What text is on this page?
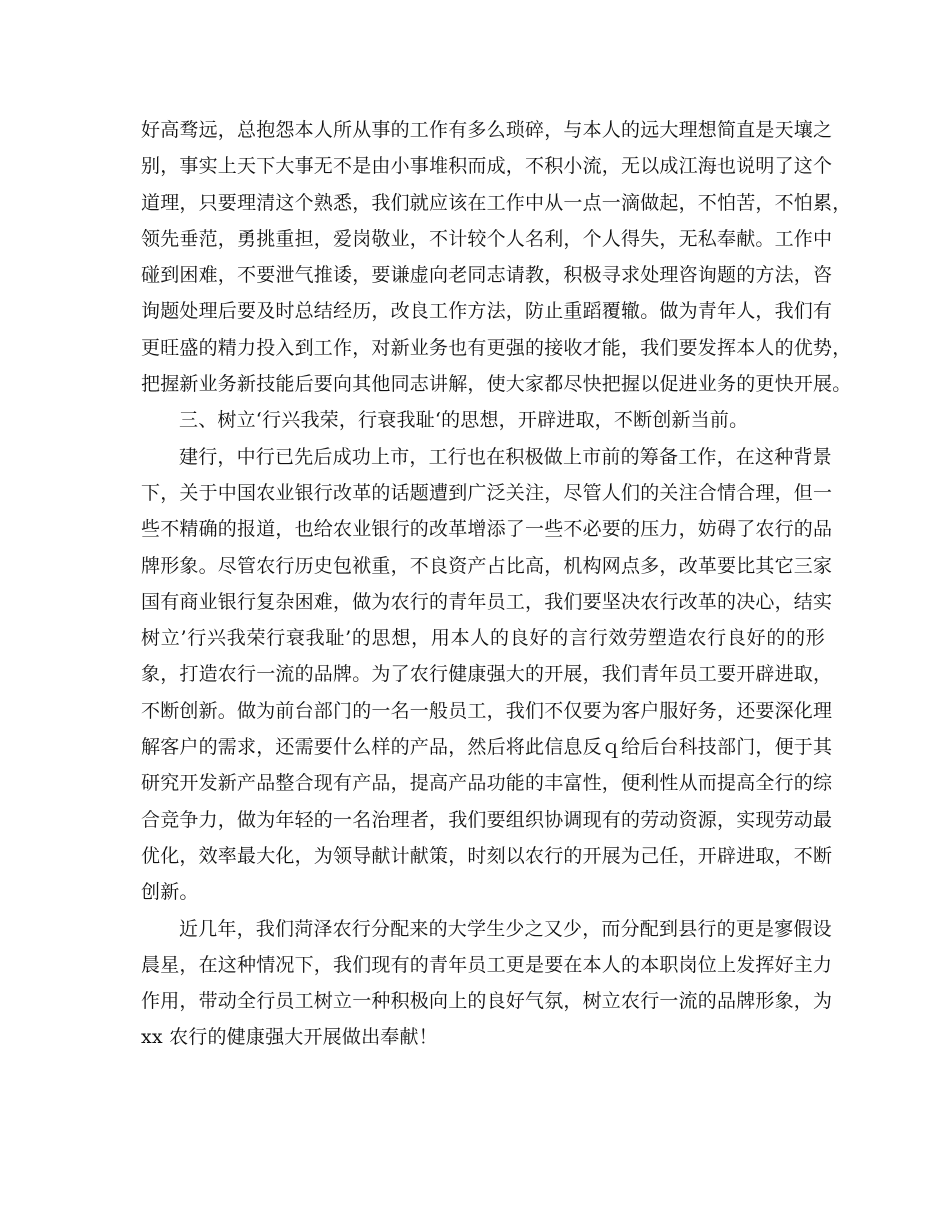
好高骛远，总抱怨本人所从事的工作有多么琐碎，与本人的远大理想简直是天壤之
别，事实上天下大事无不是由小事堆积而成，不积小流，无以成江海也说明了这个
道理，只要理清这个熟悉，我们就应该在工作中从一点一滴做起，不怕苦，不怕累，
领先垂范，勇挑重担，爱岗敬业，不计较个人名利，个人得失，无私奉献。工作中
碰到困难，不要泄气推诿，要谦虚向老同志请教，积极寻求处理咨询题的方法，咨
询题处理后要及时总结经历，改良工作方法，防止重蹈覆辙。做为青年人，我们有
更旺盛的精力投入到工作，对新业务也有更强的接收才能，我们要发挥本人的优势，
把握新业务新技能后要向其他同志讲解，使大家都尽快把握以促进业务的更快开展。
三、树立‘行兴我荣，行衰我耻‘的思想，开辟进取，不断创新当前。
建行，中行已先后成功上市，工行也在积极做上市前的筹备工作，在这种背景
下，关于中国农业银行改革的话题遭到广泛关注，尽管人们的关注合情合理，但一
些不精确的报道，也给农业银行的改革增添了一些不必要的压力，妨碍了农行的品
牌形象。尽管农行历史包袱重，不良资产占比高，机构网点多，改革要比其它三家
国有商业银行复杂困难，做为农行的青年员工，我们要坚决农行改革的决心，结实
树立’行兴我荣行衰我耻’的思想，用本人的良好的言行效劳塑造农行良好的的形
象，打造农行一流的品牌。为了农行健康强大的开展，我们青年员工要开辟进取，
不断创新。做为前台部门的一名一般员工，我们不仅要为客户服好务，还要深化理
解客户的需求，还需要什么样的产品，然后将此信息反ｑ给后台科技部门，便于其
研究开发新产品整合现有产品，提高产品功能的丰富性，便利性从而提高全行的综
合竞争力，做为年轻的一名治理者，我们要组织协调现有的劳动资源，实现劳动最
优化，效率最大化，为领导献计献策，时刻以农行的开展为己任，开辟进取，不断
创新。
近几年，我们菏泽农行分配来的大学生少之又少，而分配到县行的更是寥假设
晨星，在这种情况下，我们现有的青年员工更是要在本人的本职岗位上发挥好主力
作用，带动全行员工树立一种积极向上的良好气氛，树立农行一流的品牌形象，为
xx 农行的健康强大开展做出奉献！
